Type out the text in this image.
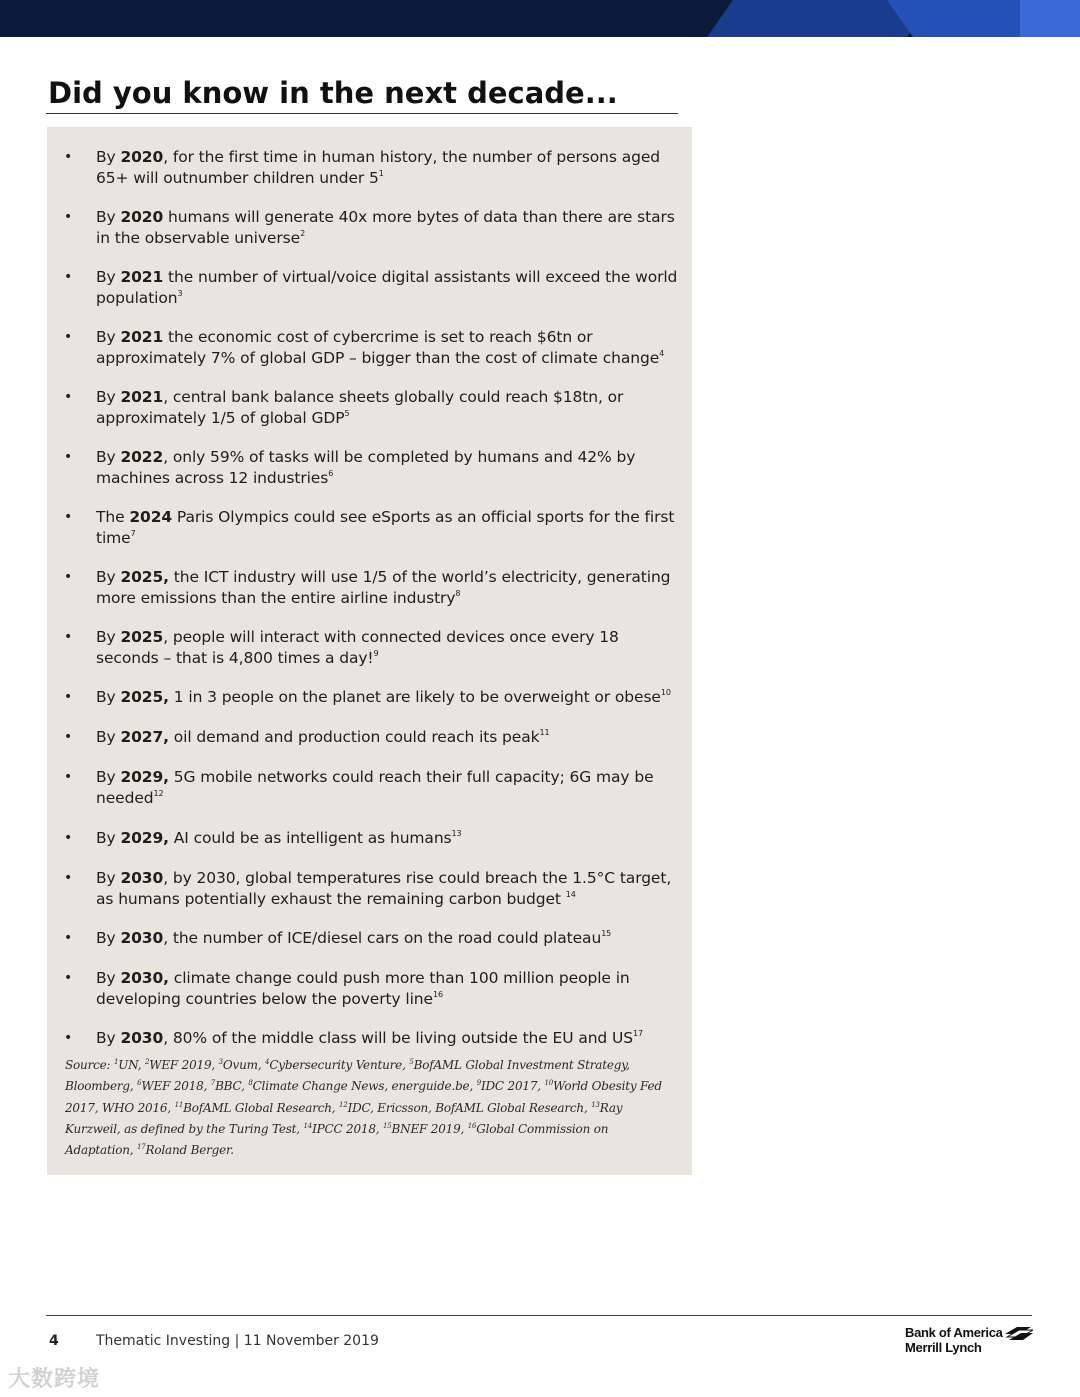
Did you know in the next decade...
• By 2020, for the first time in human history, the number of persons aged 65+ will outnumber children under $5^1$
• By 2020 humans will generate 40x more bytes of data than there are stars in the observable universe$^2$
• By 2021 the number of virtual/voice digital assistants will exceed the world population$^3$
• By 2021 the economic cost of cybercrime is set to reach $6tn or approximately 7% of global GDP – bigger than the cost of climate change$^4$
• By 2021, central bank balance sheets globally could reach $18tn, or approximately 1/5 of global GDP$^5$
• By 2022, only 59% of tasks will be completed by humans and 42% by machines across 12 industries$^6$
• The 2024 Paris Olympics could see eSports as an official sports for the first time$^7$
• By 2025, the ICT industry will use 1/5 of the world’s electricity, generating more emissions than the entire airline industry$^8$
• By 2025, people will interact with connected devices once every 18 seconds – that is 4,800 times a day!$^9$
• By 2025, 1 in 3 people on the planet are likely to be overweight or obese$^{10}$
• By 2027, oil demand and production could reach its peak$^{11}$
• By 2029, 5G mobile networks could reach their full capacity; 6G may be needed$^{12}$
• By 2029, AI could be as intelligent as humans$^{13}$
• By 2030, by 2030, global temperatures rise could breach the 1.5°C target, as humans potentially exhaust the remaining carbon budget $^{14}$
• By 2030, the number of ICE/diesel cars on the road could plateau$^{15}$
• By 2030, climate change could push more than 100 million people in developing countries below the poverty line$^{16}$
• By 2030, 80% of the middle class will be living outside the EU and US$^{17}$
Source: $^1$UN, $^2$WEF 2019, $^3$Ovum, $^4$Cybersecurity Venture, $^5$BofAML Global Investment Strategy, Bloomberg, $^6$WEF 2018, $^7$BBC, $^8$Climate Change News, energuide.be, $^9$IDC 2017, $^{10}$World Obesity Fed 2017, WHO 2016, $^{11}$BofAML Global Research, $^{12}$IDC, Ericsson, BofAML Global Research, $^{13}$Ray Kurzweil, as defined by the Turing Test, $^{14}$IPCC 2018, $^{15}$BNEF 2019, $^{16}$Global Commission on Adaptation, $^{17}$Roland Berger.
4	Thematic Investing | 11 November 2019
Bank of America
Merrill Lynch
大数跨境
